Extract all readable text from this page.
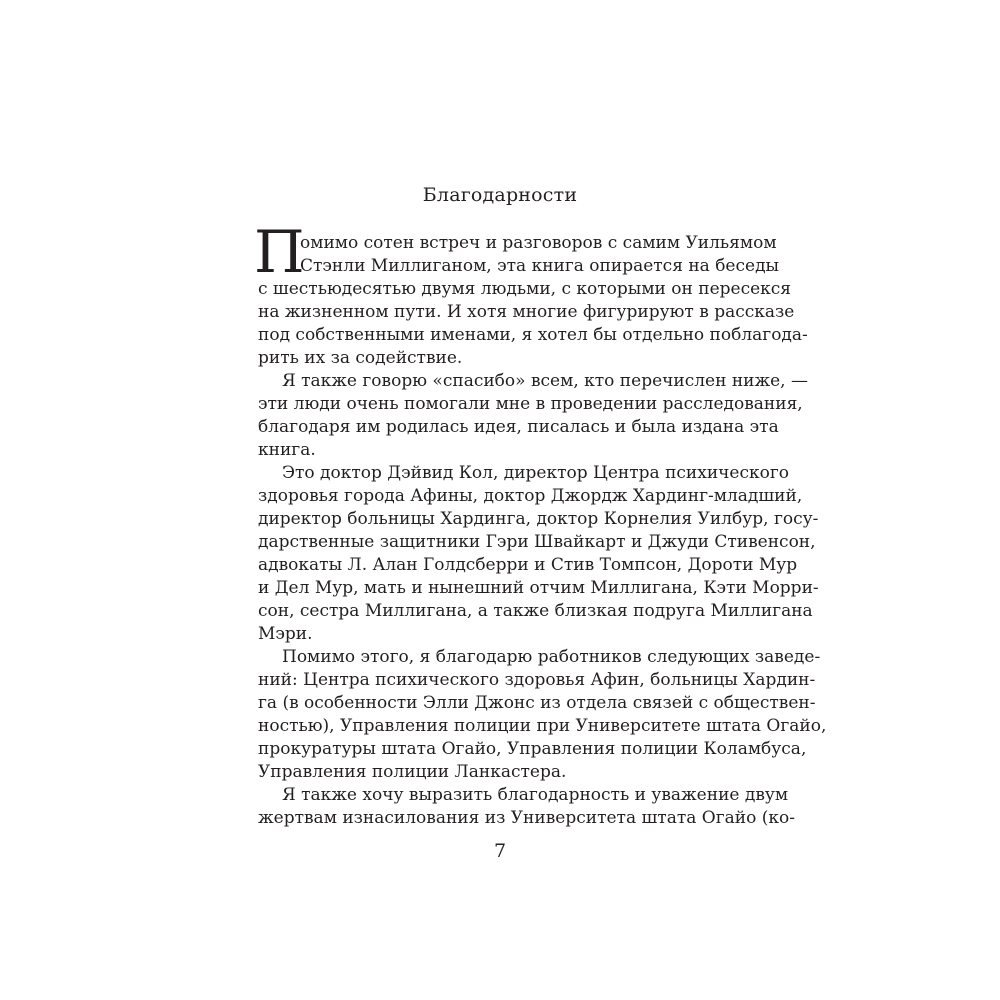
Благодарности
П
омимо сотен встреч и разговоров с самим Уильямом
Стэнли Миллиганом, эта книга опирается на беседы
с шестьюдесятью двумя людьми, с которыми он пересекся
на жизненном пути. И хотя многие фигурируют в рассказе
под собственными именами, я хотел бы отдельно поблагода-
рить их за содействие.
Я также говорю «спасибо» всем, кто перечислен ниже, —
эти люди очень помогали мне в проведении расследования,
благодаря им родилась идея, писалась и была издана эта
книга.
Это доктор Дэйвид Кол, директор Центра психического
здоровья города Афины, доктор Джордж Хардинг-младший,
директор больницы Хардинга, доктор Корнелия Уилбур, госу-
дарственные защитники Гэри Швайкарт и Джуди Стивенсон,
адвокаты Л. Алан Голдсберри и Стив Томпсон, Дороти Мур
и Дел Мур, мать и нынешний отчим Миллигана, Кэти Морри-
сон, сестра Миллигана, а также близкая подруга Миллигана
Мэри.
Помимо этого, я благодарю работников следующих заведе-
ний: Центра психического здоровья Афин, больницы Хардин-
га (в особенности Элли Джонс из отдела связей с обществен-
ностью), Управления полиции при Университете штата Огайо,
прокуратуры штата Огайо, Управления полиции Коламбуса,
Управления полиции Ланкастера.
Я также хочу выразить благодарность и уважение двум
жертвам изнасилования из Университета штата Огайо (ко-
7
